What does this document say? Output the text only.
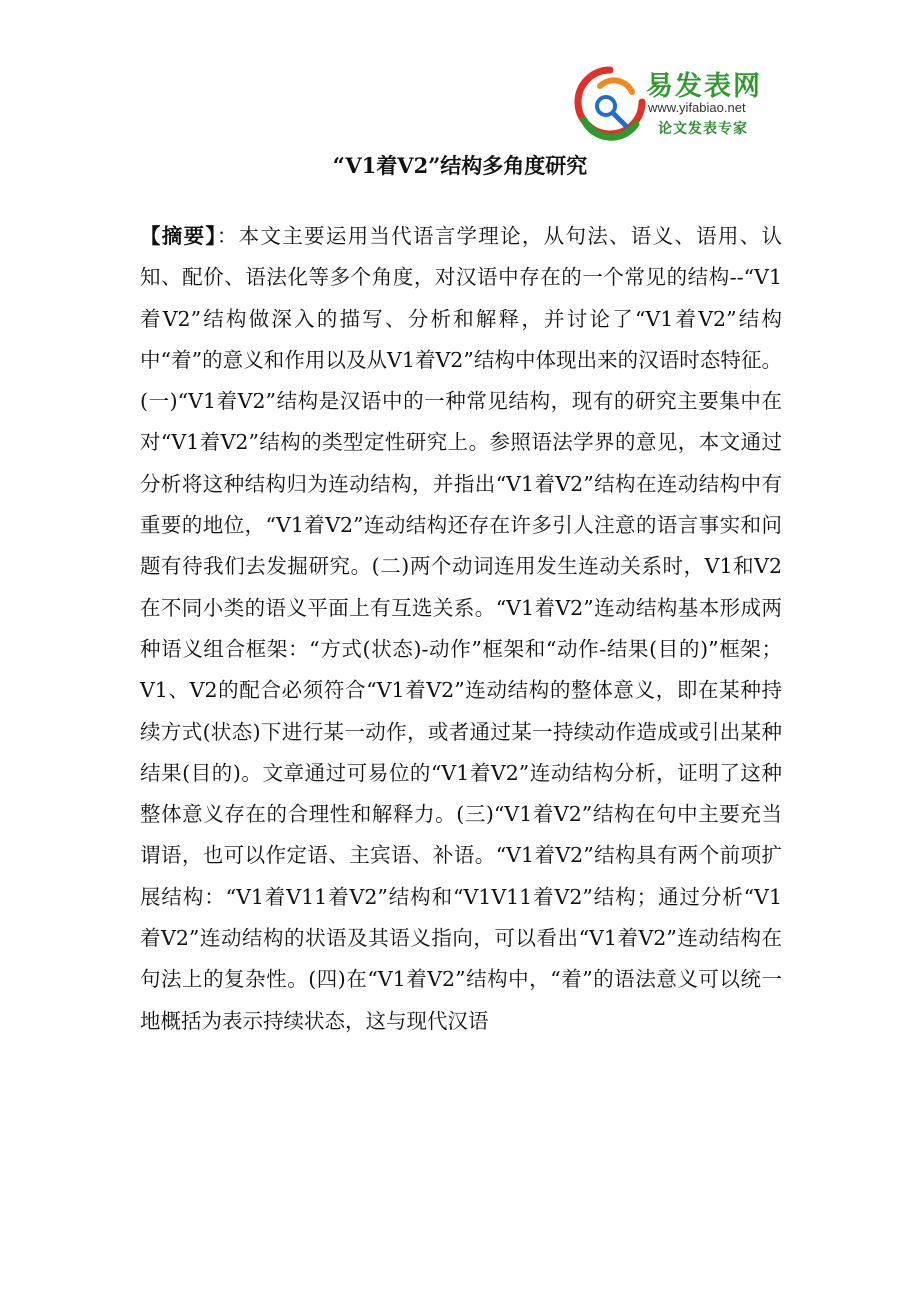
易发表网
www.yifabiao.net
论文发表专家
“V1着V2”结构多角度研究
【摘要】：本文主要运用当代语言学理论，从句法、语义、语用、认知、配价、语法化等多个角度，对汉语中存在的一个常见的结构--“V1着V2”结构做深入的描写、分析和解释，并讨论了“V1着V2”结构中“着”的意义和作用以及从V1着V2”结构中体现出来的汉语时态特征。(一)“V1着V2”结构是汉语中的一种常见结构，现有的研究主要集中在对“V1着V2”结构的类型定性研究上。参照语法学界的意见，本文通过分析将这种结构归为连动结构，并指出“V1着V2”结构在连动结构中有重要的地位，“V1着V2”连动结构还存在许多引人注意的语言事实和问题有待我们去发掘研究。(二)两个动词连用发生连动关系时，V1和V2在不同小类的语义平面上有互选关系。“V1着V2”连动结构基本形成两种语义组合框架：“方式(状态)-动作”框架和“动作-结果(目的)”框架；V1、V2的配合必须符合“V1着V2”连动结构的整体意义，即在某种持续方式(状态)下进行某一动作，或者通过某一持续动作造成或引出某种结果(目的)。文章通过可易位的“V1着V2”连动结构分析，证明了这种整体意义存在的合理性和解释力。(三)“V1着V2”结构在句中主要充当谓语，也可以作定语、主宾语、补语。“V1着V2”结构具有两个前项扩展结构：“V1着V11着V2”结构和“V1V11着V2”结构；通过分析“V1着V2”连动结构的状语及其语义指向，可以看出“V1着V2”连动结构在句法上的复杂性。(四)在“V1着V2”结构中，“着”的语法意义可以统一地概括为表示持续状态，这与现代汉语
